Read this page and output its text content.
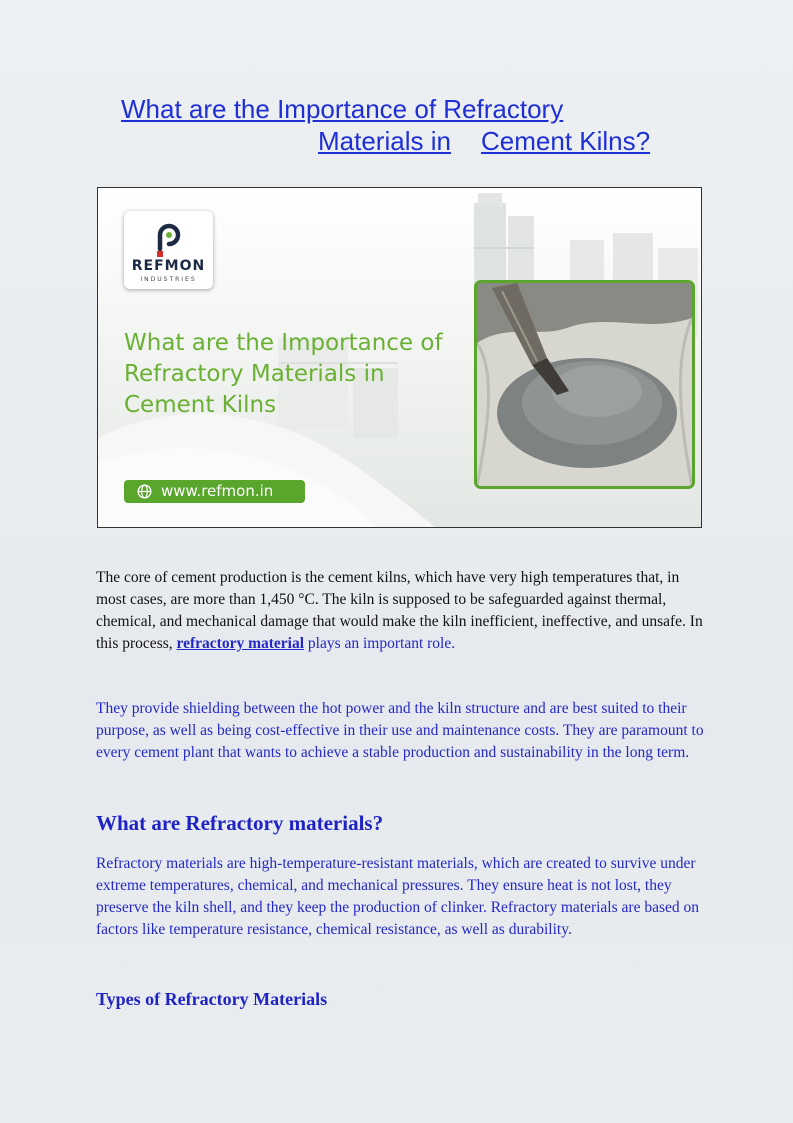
What are the Importance of Refractory
Materials in Cement Kilns?
REFMON
INDUSTRIES
What are the Importance of Refractory Materials in Cement Kilns
www.refmon.in

The core of cement production is the cement kilns, which have very high temperatures that, in most cases, are more than 1,450 °C. The kiln is supposed to be safeguarded against thermal, chemical, and mechanical damage that would make the kiln inefficient, ineffective, and unsafe. In this process, refractory material plays an important role.

They provide shielding between the hot power and the kiln structure and are best suited to their purpose, as well as being cost-effective in their use and maintenance costs. They are paramount to every cement plant that wants to achieve a stable production and sustainability in the long term.

What are Refractory materials?

Refractory materials are high-temperature-resistant materials, which are created to survive under extreme temperatures, chemical, and mechanical pressures. They ensure heat is not lost, they preserve the kiln shell, and they keep the production of clinker. Refractory materials are based on factors like temperature resistance, chemical resistance, as well as durability.

Types of Refractory Materials
